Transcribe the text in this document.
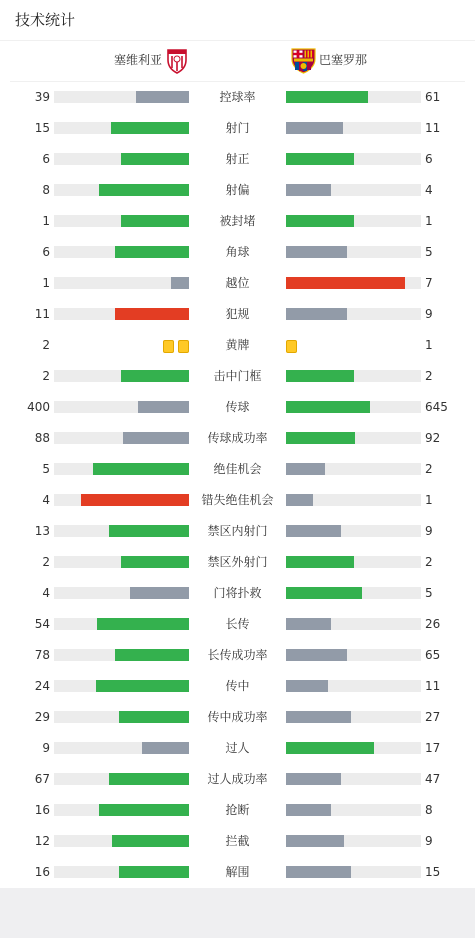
技术统计
塞维利亚	巴塞罗那
39	控球率	61
15	射门	11
6	射正	6
8	射偏	4
1	被封堵	1
6	角球	5
1	越位	7
11	犯规	9
2	黄牌	1
2	击中门框	2
400	传球	645
88	传球成功率	92
5	绝佳机会	2
4	错失绝佳机会	1
13	禁区内射门	9
2	禁区外射门	2
4	门将扑救	5
54	长传	26
78	长传成功率	65
24	传中	11
29	传中成功率	27
9	过人	17
67	过人成功率	47
16	抢断	8
12	拦截	9
16	解围	15
